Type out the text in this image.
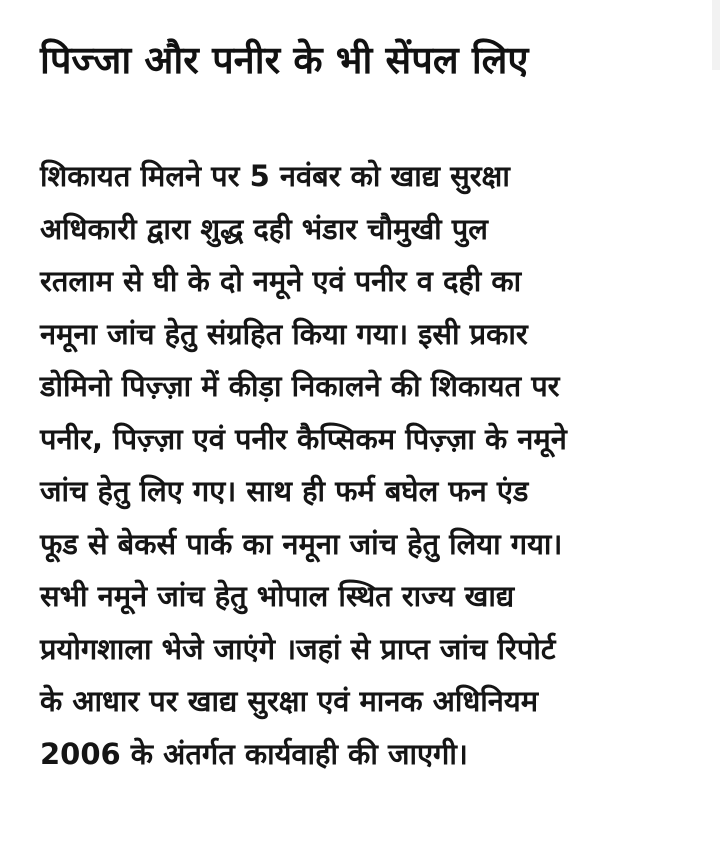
पिज्जा और पनीर के भी सेंपल लिए
शिकायत मिलने पर 5 नवंबर को खाद्य सुरक्षा
अधिकारी द्वारा शुद्ध दही भंडार चौमुखी पुल
रतलाम से घी के दो नमूने एवं पनीर व दही का
नमूना जांच हेतु संग्रहित किया गया। इसी प्रकार
डोमिनो पिज़्ज़ा में कीड़ा निकालने की शिकायत पर
पनीर, पिज़्ज़ा एवं पनीर कैप्सिकम पिज़्ज़ा के नमूने
जांच हेतु लिए गए। साथ ही फर्म बघेल फन एंड
फूड से बेकर्स पार्क का नमूना जांच हेतु लिया गया।
सभी नमूने जांच हेतु भोपाल स्थित राज्य खाद्य
प्रयोगशाला भेजे जाएंगे ।जहां से प्राप्त जांच रिपोर्ट
के आधार पर खाद्य सुरक्षा एवं मानक अधिनियम
2006 के अंतर्गत कार्यवाही की जाएगी।
